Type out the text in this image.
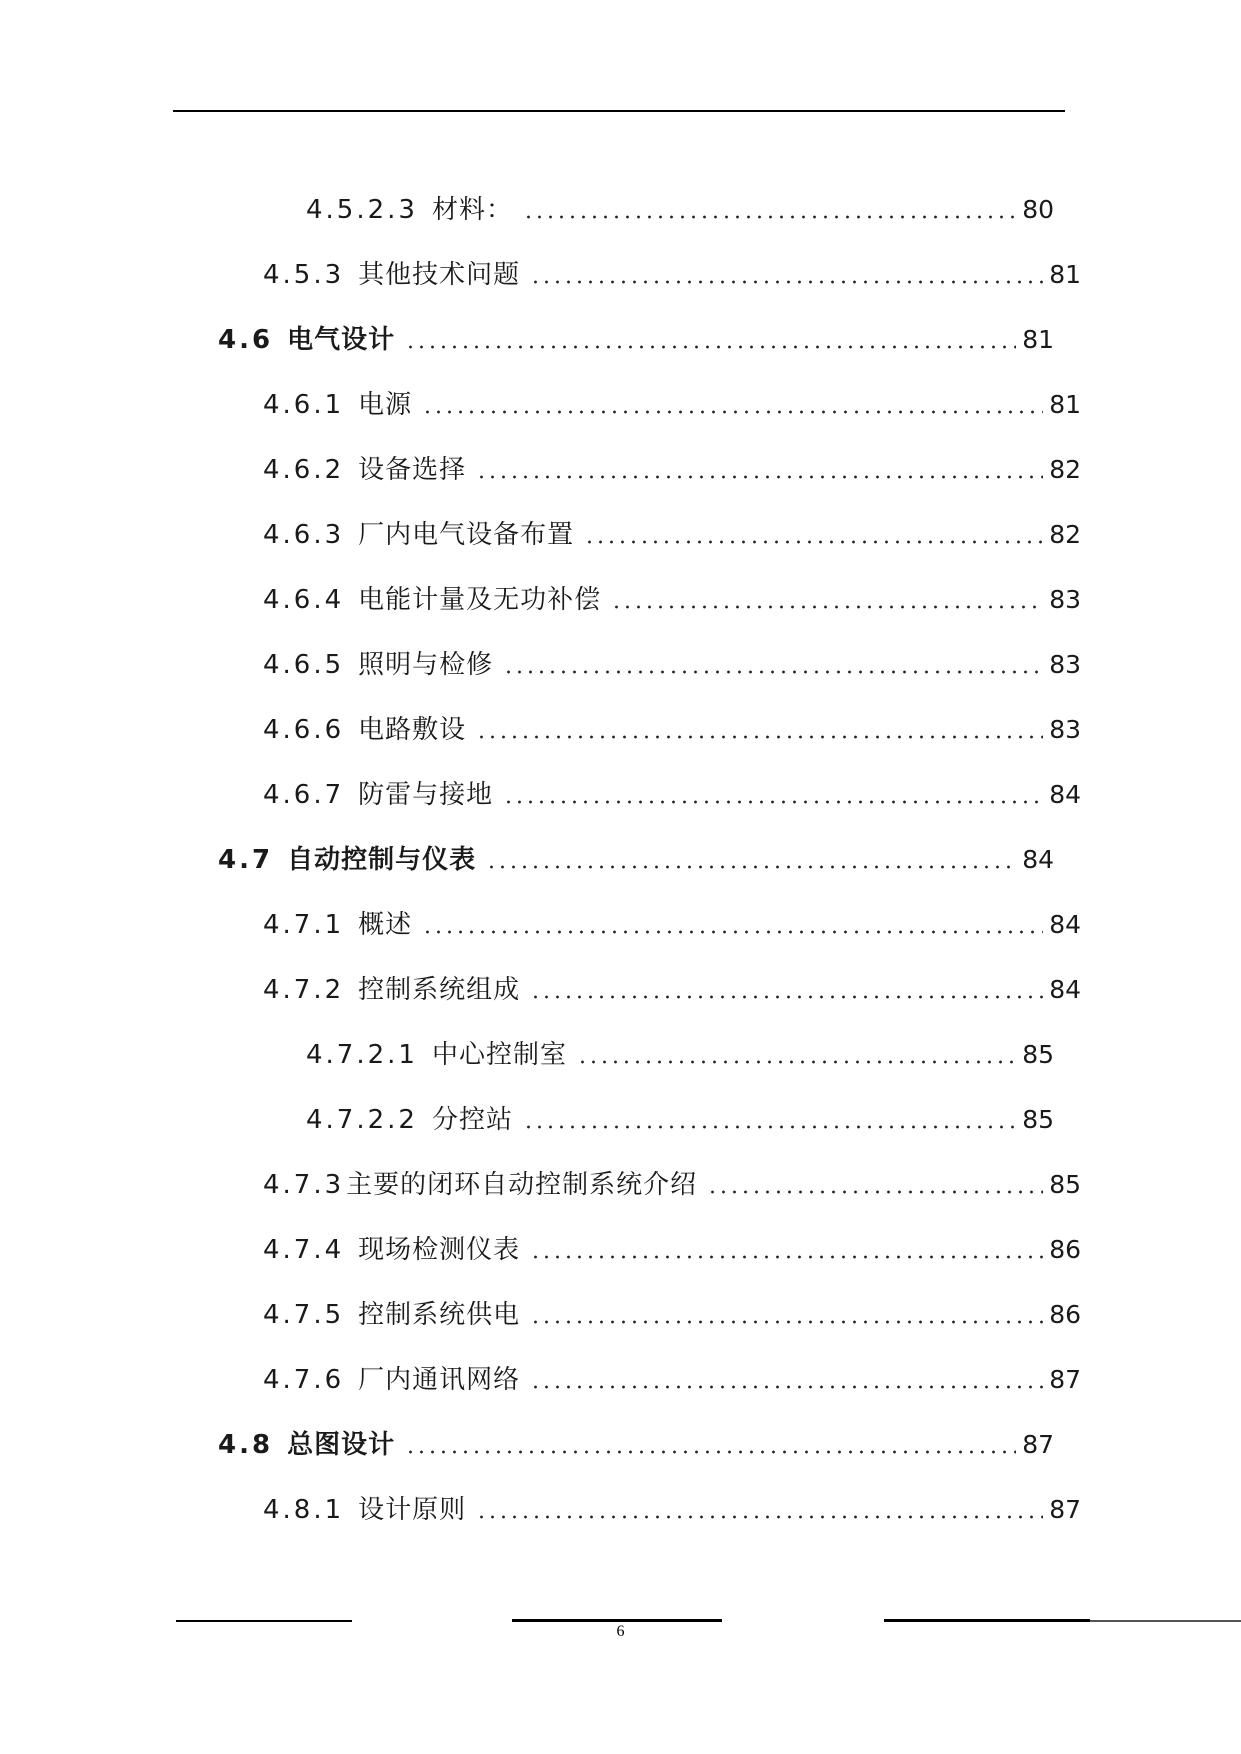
4.5.2.3 材料：	80
4.5.3 其他技术问题	81
4.6 电气设计	81
4.6.1 电源	81
4.6.2 设备选择	82
4.6.3 厂内电气设备布置	82
4.6.4 电能计量及无功补偿	83
4.6.5 照明与检修	83
4.6.6 电路敷设	83
4.6.7 防雷与接地	84
4.7 自动控制与仪表	84
4.7.1 概述	84
4.7.2 控制系统组成	84
4.7.2.1 中心控制室	85
4.7.2.2 分控站	85
4.7.3 主要的闭环自动控制系统介绍	85
4.7.4 现场检测仪表	86
4.7.5 控制系统供电	86
4.7.6 厂内通讯网络	87
4.8 总图设计	87
4.8.1 设计原则	87
6
